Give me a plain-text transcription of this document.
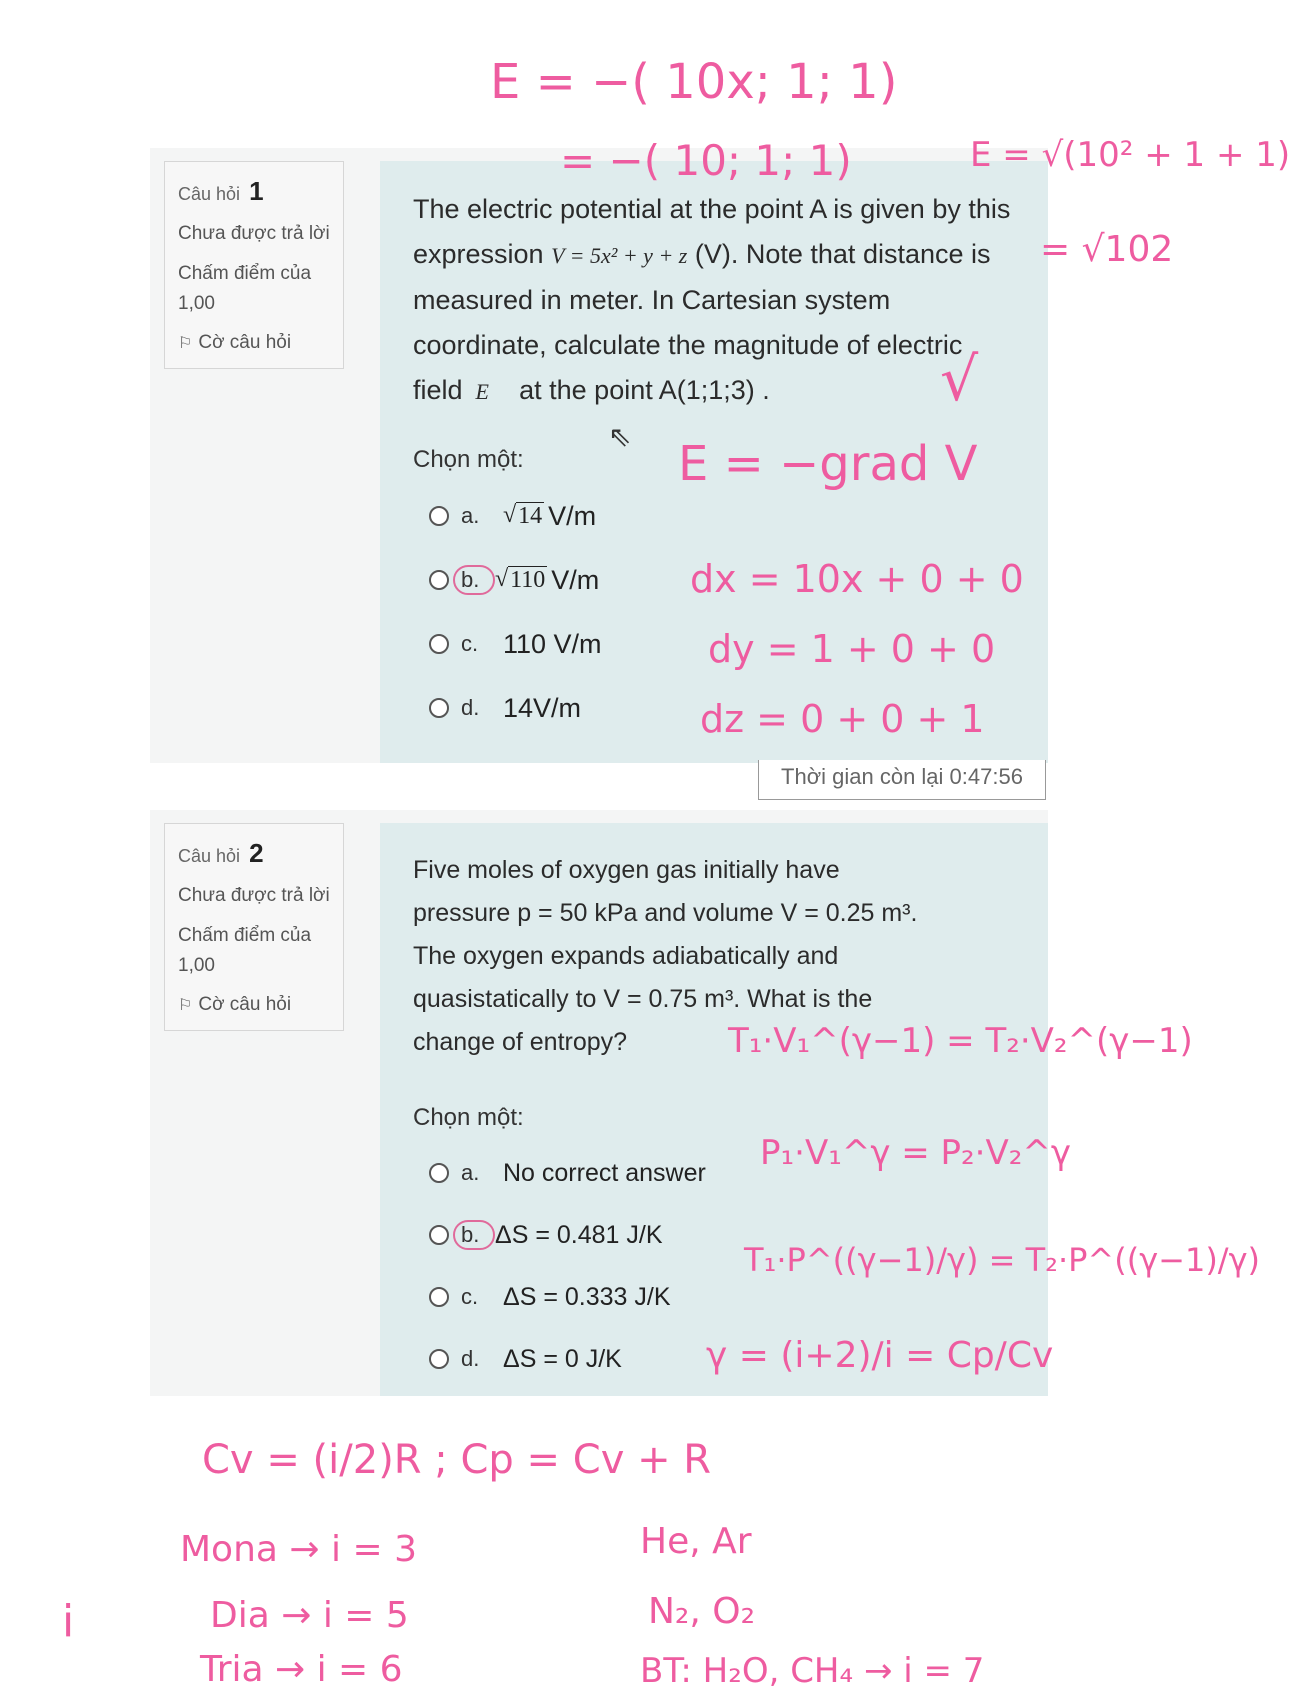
Câu hỏi 1
Chưa được trả lời
Chấm điểm của
1,00
⚐ Cờ câu hỏi
The electric potential at the point A is given by this expression V = 5x² + y + z (V). Note that distance is measured in meter. In Cartesian system coordinate, calculate the magnitude of electric field E⃗  at the point A(1;1;3) .
Chọn một:
a. √ 14 V/m
b. √ 110 V/m
c. 110 V/m
d. 14V/m
Thời gian còn lại 0:47:56
Câu hỏi 2
Chưa được trả lời
Chấm điểm của
1,00
⚐ Cờ câu hỏi
Five moles of oxygen gas initially have pressure p = 50 kPa and volume V = 0.25 m³. The oxygen expands adiabatically and quasistatically to V = 0.75 m³. What is the change of entropy?
Chọn một:
a. No correct answer
b. ΔS = 0.481 J/K
c. ΔS = 0.333 J/K
d. ΔS = 0 J/K
⇖
E = −( 10x; 1; 1)
= −( 10; 1; 1)	E = √(10² + 1 + 1)
= √102
√
E = −grad V
dx = 10x + 0 + 0
dy = 1 + 0 + 0
dz = 0 + 0 + 1
T₁·V₁^(γ−1) = T₂·V₂^(γ−1)
P₁·V₁^γ = P₂·V₂^γ
T₁·P^((γ−1)/γ) = T₂·P^((γ−1)/γ)
γ = (i+2)/i = Cp/Cv
Cv = (i/2)R ; Cp = Cv + R
Mona → i = 3
Dia → i = 5
Tria → i = 6
He, Ar
N₂, O₂
BT: H₂O, CH₄ → i = 7
i
